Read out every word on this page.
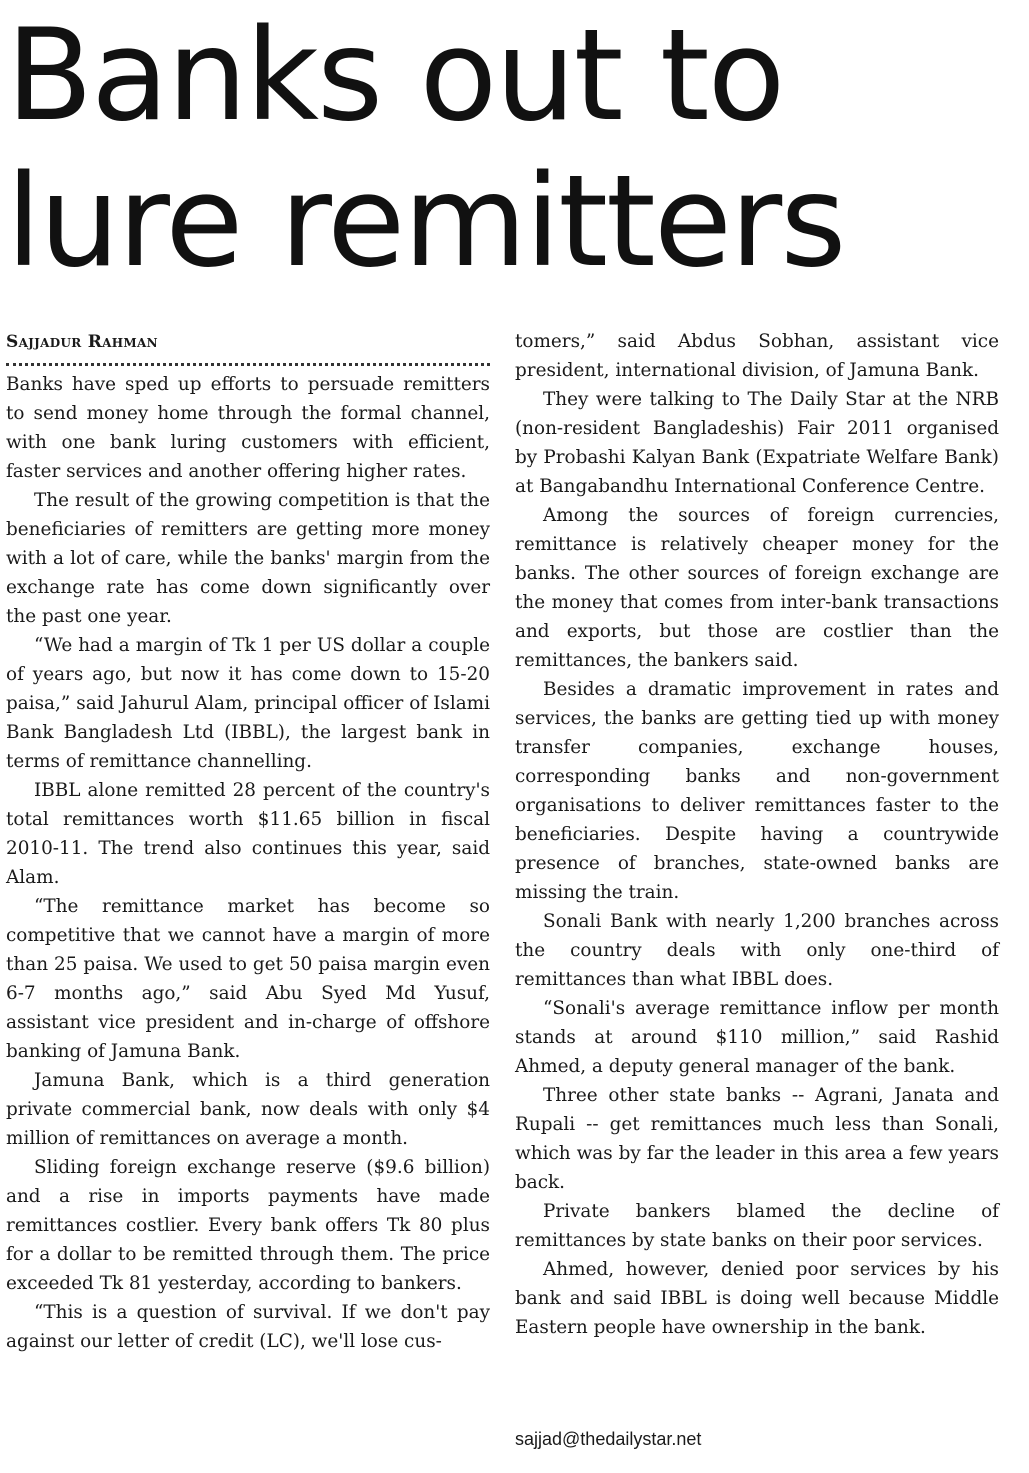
Banks out to
lure remitters
Sajjadur Rahman

Banks have sped up efforts to persuade remitters to send money home through the formal channel, with one bank luring customers with efficient, faster services and another offering higher rates.

The result of the growing competition is that the beneficiaries of remitters are getting more money with a lot of care, while the banks' margin from the exchange rate has come down significantly over the past one year.

“We had a margin of Tk 1 per US dollar a couple of years ago, but now it has come down to 15-20 paisa,” said Jahurul Alam, principal officer of Islami Bank Bangladesh Ltd (IBBL), the largest bank in terms of remittance channelling.

IBBL alone remitted 28 percent of the country's total remittances worth $11.65 billion in fiscal 2010-11. The trend also continues this year, said Alam.

“The remittance market has become so competitive that we cannot have a margin of more than 25 paisa. We used to get 50 paisa margin even 6-7 months ago,” said Abu Syed Md Yusuf, assistant vice president and in-charge of offshore banking of Jamuna Bank.

Jamuna Bank, which is a third generation private commercial bank, now deals with only $4 million of remittances on average a month.

Sliding foreign exchange reserve ($9.6 billion) and a rise in imports payments have made remittances costlier. Every bank offers Tk 80 plus for a dollar to be remitted through them. The price exceeded Tk 81 yesterday, according to bankers.

“This is a question of survival. If we don't pay against our letter of credit (LC), we'll lose cus-

tomers,” said Abdus Sobhan, assistant vice president, international division, of Jamuna Bank.

They were talking to The Daily Star at the NRB (non-resident Bangladeshis) Fair 2011 organised by Probashi Kalyan Bank (Expatriate Welfare Bank) at Bangabandhu International Conference Centre.

Among the sources of foreign currencies, remittance is relatively cheaper money for the banks. The other sources of foreign exchange are the money that comes from inter-bank transactions and exports, but those are costlier than the remittances, the bankers said.

Besides a dramatic improvement in rates and services, the banks are getting tied up with money transfer companies, exchange houses, corresponding banks and non-government organisations to deliver remittances faster to the beneficiaries. Despite having a countrywide presence of branches, state-owned banks are missing the train.

Sonali Bank with nearly 1,200 branches across the country deals with only one-third of remittances than what IBBL does.

“Sonali's average remittance inflow per month stands at around $110 million,” said Rashid Ahmed, a deputy general manager of the bank.

Three other state banks -- Agrani, Janata and Rupali -- get remittances much less than Sonali, which was by far the leader in this area a few years back.

Private bankers blamed the decline of remittances by state banks on their poor services.

Ahmed, however, denied poor services by his bank and said IBBL is doing well because Middle Eastern people have ownership in the bank.

sajjad@thedailystar.net
